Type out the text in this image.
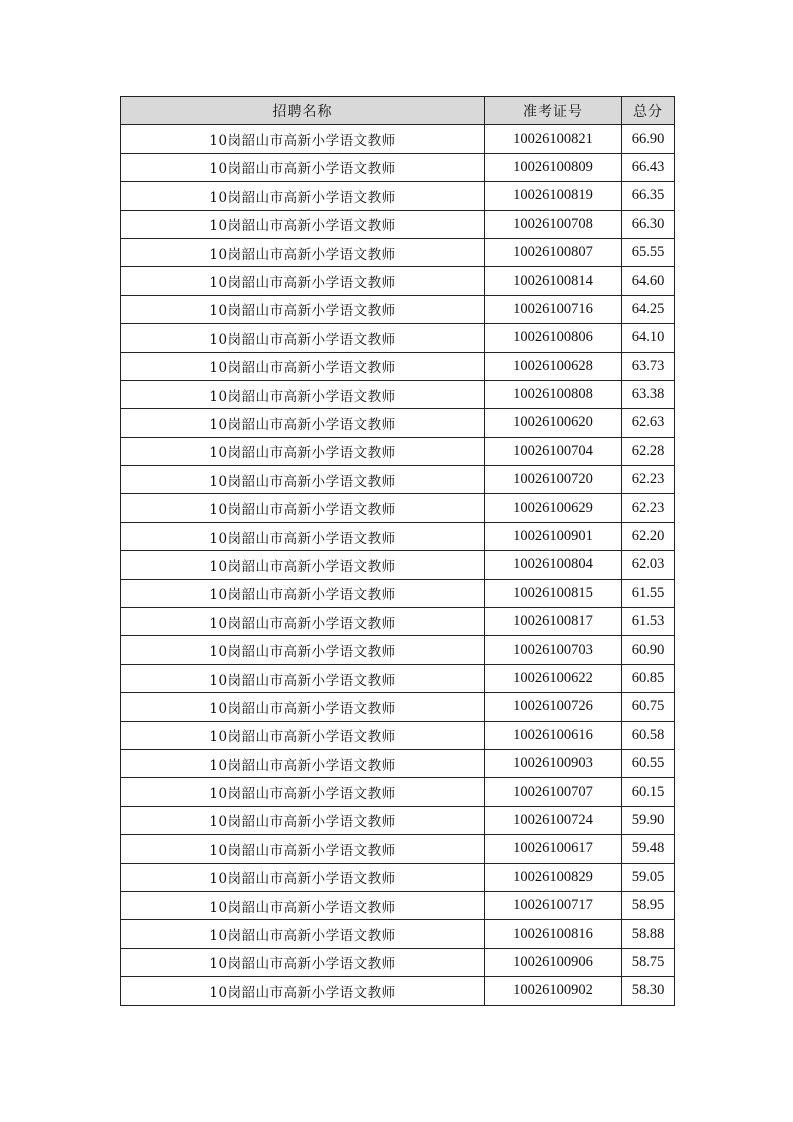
招聘名称	准考证号	总分
10岗韶山市高新小学语文教师	10026100821	66.90
10岗韶山市高新小学语文教师	10026100809	66.43
10岗韶山市高新小学语文教师	10026100819	66.35
10岗韶山市高新小学语文教师	10026100708	66.30
10岗韶山市高新小学语文教师	10026100807	65.55
10岗韶山市高新小学语文教师	10026100814	64.60
10岗韶山市高新小学语文教师	10026100716	64.25
10岗韶山市高新小学语文教师	10026100806	64.10
10岗韶山市高新小学语文教师	10026100628	63.73
10岗韶山市高新小学语文教师	10026100808	63.38
10岗韶山市高新小学语文教师	10026100620	62.63
10岗韶山市高新小学语文教师	10026100704	62.28
10岗韶山市高新小学语文教师	10026100720	62.23
10岗韶山市高新小学语文教师	10026100629	62.23
10岗韶山市高新小学语文教师	10026100901	62.20
10岗韶山市高新小学语文教师	10026100804	62.03
10岗韶山市高新小学语文教师	10026100815	61.55
10岗韶山市高新小学语文教师	10026100817	61.53
10岗韶山市高新小学语文教师	10026100703	60.90
10岗韶山市高新小学语文教师	10026100622	60.85
10岗韶山市高新小学语文教师	10026100726	60.75
10岗韶山市高新小学语文教师	10026100616	60.58
10岗韶山市高新小学语文教师	10026100903	60.55
10岗韶山市高新小学语文教师	10026100707	60.15
10岗韶山市高新小学语文教师	10026100724	59.90
10岗韶山市高新小学语文教师	10026100617	59.48
10岗韶山市高新小学语文教师	10026100829	59.05
10岗韶山市高新小学语文教师	10026100717	58.95
10岗韶山市高新小学语文教师	10026100816	58.88
10岗韶山市高新小学语文教师	10026100906	58.75
10岗韶山市高新小学语文教师	10026100902	58.30
